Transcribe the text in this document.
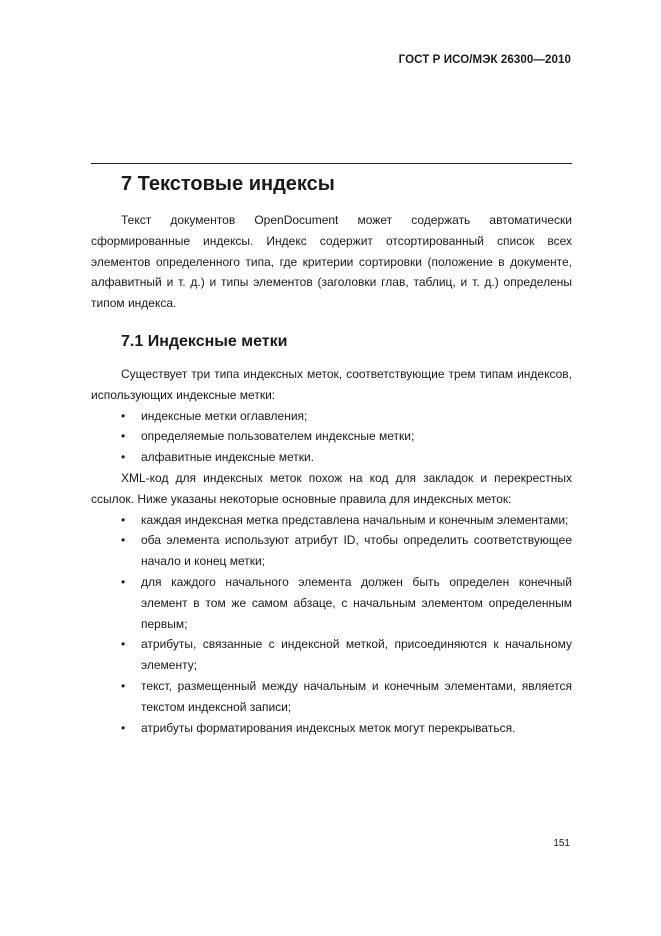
ГОСТ Р ИСО/МЭК 26300—2010
7 Текстовые индексы

Текст документов OpenDocument может содержать автоматически сформированные индексы. Индекс содержит отсортированный список всех элементов определенного типа, где критерии сортировки (положение в документе, алфавитный и т. д.) и типы элементов (заголовки глав, таблиц, и т. д.) определены типом индекса.

7.1 Индексные метки

Существует три типа индексных меток, соответствующие трем типам индексов, использующих индексные метки:

•	индексные метки оглавления;
•	определяемые пользователем индексные метки;
•	алфавитные индексные метки.

XML-код для индексных меток похож на код для закладок и перекрестных ссылок. Ниже указаны некоторые основные правила для индексных меток:

•	каждая индексная метка представлена начальным и конечным элементами;
•	оба элемента используют атрибут ID, чтобы определить соответствующее начало и конец метки;
•	для каждого начального элемента должен быть определен конечный элемент в том же самом абзаце, с начальным элементом определенным первым;
•	атрибуты, связанные с индексной меткой, присоединяются к начальному элементу;
•	текст, размещенный между начальным и конечным элементами, является текстом индексной записи;
•	атрибуты форматирования индексных меток могут перекрываться.
151
